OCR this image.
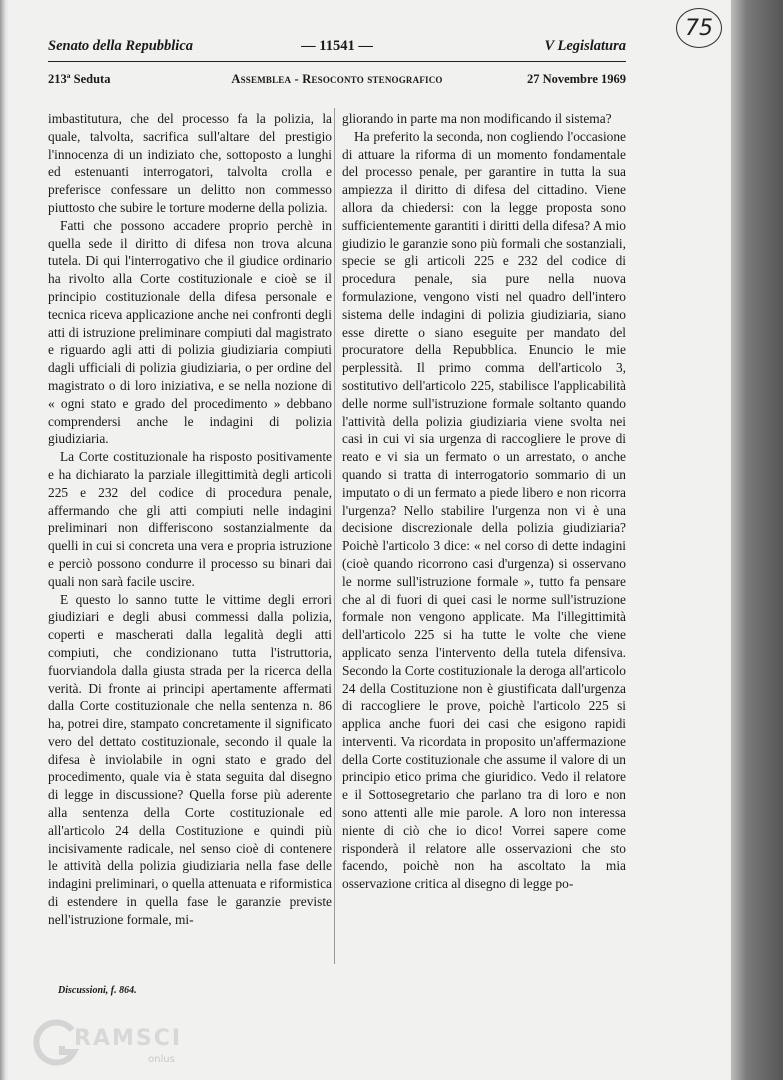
75
Senato della Repubblica	— 11541 —	V Legislatura
213ª Seduta	Assemblea - Resoconto stenografico	27 Novembre 1969

imbastitutura, che del processo fa la polizia, la quale, talvolta, sacrifica sull'altare del prestigio l'innocenza di un indiziato che, sottoposto a lunghi ed estenuanti interrogatori, talvolta crolla e preferisce confessare un delitto non commesso piuttosto che subire le torture moderne della polizia.

Fatti che possono accadere proprio perchè in quella sede il diritto di difesa non trova alcuna tutela. Di qui l'interrogativo che il giudice ordinario ha rivolto alla Corte costituzionale e cioè se il principio costituzionale della difesa personale e tecnica riceva applicazione anche nei confronti degli atti di istruzione preliminare compiuti dal magistrato e riguardo agli atti di polizia giudiziaria compiuti dagli ufficiali di polizia giudiziaria, o per ordine del magistrato o di loro iniziativa, e se nella nozione di « ogni stato e grado del procedimento » debbano comprendersi anche le indagini di polizia giudiziaria.

La Corte costituzionale ha risposto positivamente e ha dichiarato la parziale illegittimità degli articoli 225 e 232 del codice di procedura penale, affermando che gli atti compiuti nelle indagini preliminari non differiscono sostanzialmente da quelli in cui si concreta una vera e propria istruzione e perciò possono condurre il processo su binari dai quali non sarà facile uscire.

E questo lo sanno tutte le vittime degli errori giudiziari e degli abusi commessi dalla polizia, coperti e mascherati dalla legalità degli atti compiuti, che condizionano tutta l'istruttoria, fuorviandola dalla giusta strada per la ricerca della verità. Di fronte ai principi apertamente affermati dalla Corte costituzionale che nella sentenza n. 86 ha, potrei dire, stampato concretamente il significato vero del dettato costituzionale, secondo il quale la difesa è inviolabile in ogni stato e grado del procedimento, quale via è stata seguita dal disegno di legge in discussione? Quella forse più aderente alla sentenza della Corte costituzionale ed all'articolo 24 della Costituzione e quindi più incisivamente radicale, nel senso cioè di contenere le attività della polizia giudiziaria nella fase delle indagini preliminari, o quella attenuata e riformistica di estendere in quella fase le garanzie previste nell'istruzione formale, mi-

gliorando in parte ma non modificando il sistema?

Ha preferito la seconda, non cogliendo l'occasione di attuare la riforma di un momento fondamentale del processo penale, per garantire in tutta la sua ampiezza il diritto di difesa del cittadino. Viene allora da chiedersi: con la legge proposta sono sufficientemente garantiti i diritti della difesa? A mio giudizio le garanzie sono più formali che sostanziali, specie se gli articoli 225 e 232 del codice di procedura penale, sia pure nella nuova formulazione, vengono visti nel quadro dell'intero sistema delle indagini di polizia giudiziaria, siano esse dirette o siano eseguite per mandato del procuratore della Repubblica. Enuncio le mie perplessità. Il primo comma dell'articolo 3, sostitutivo dell'articolo 225, stabilisce l'applicabilità delle norme sull'istruzione formale soltanto quando l'attività della polizia giudiziaria viene svolta nei casi in cui vi sia urgenza di raccogliere le prove di reato e vi sia un fermato o un arrestato, o anche quando si tratta di interrogatorio sommario di un imputato o di un fermato a piede libero e non ricorra l'urgenza? Nello stabilire l'urgenza non vi è una decisione discrezionale della polizia giudiziaria? Poichè l'articolo 3 dice: « nel corso di dette indagini (cioè quando ricorrono casi d'urgenza) si osservano le norme sull'istruzione formale », tutto fa pensare che al di fuori di quei casi le norme sull'istruzione formale non vengono applicate. Ma l'illegittimità dell'articolo 225 si ha tutte le volte che viene applicato senza l'intervento della tutela difensiva. Secondo la Corte costituzionale la deroga all'articolo 24 della Costituzione non è giustificata dall'urgenza di raccogliere le prove, poichè l'articolo 225 si applica anche fuori dei casi che esigono rapidi interventi. Va ricordata in proposito un'affermazione della Corte costituzionale che assume il valore di un principio etico prima che giuridico. Vedo il relatore e il Sottosegretario che parlano tra di loro e non sono attenti alle mie parole. A loro non interessa niente di ciò che io dico! Vorrei sapere come risponderà il relatore alle osservazioni che sto facendo, poichè non ha ascoltato la mia osservazione critica al disegno di legge po-

Discussioni, f. 864.
RAMSCI
onlus
